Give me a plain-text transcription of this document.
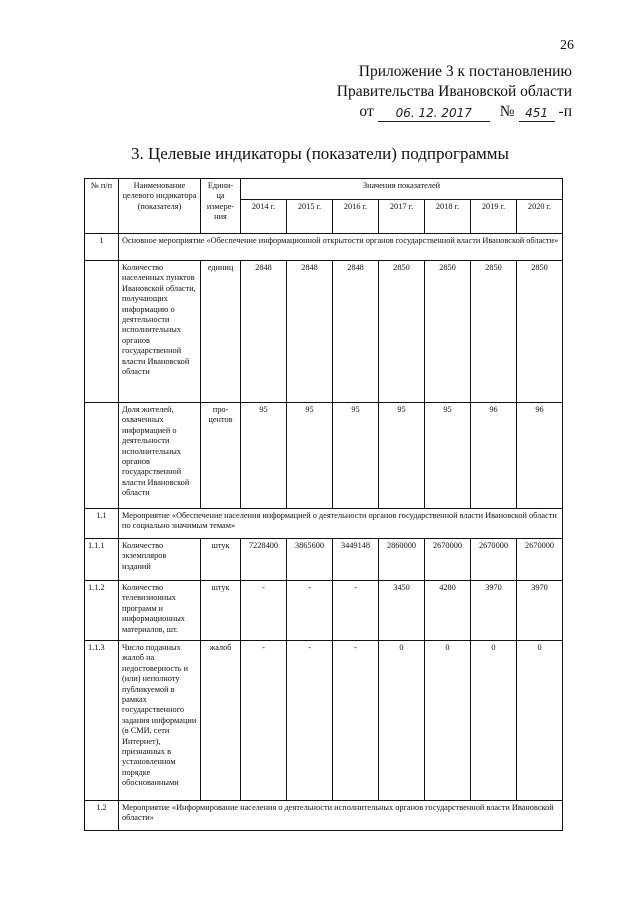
26
Приложение 3 к постановлению
Правительства Ивановской области
от	06. 12. 2017	№ 451 -п
3. Целевые индикаторы (показатели) подпрограммы
№ п/п	Наименование целевого индикатора (показателя)	Едини-ца измере-ния	Значения показателей						
			2014 г.	2015 г.	2016 г.	2017 г.	2018 г.	2019 г.	2020 г.
1	Основное мероприятие «Обеспечение информационной открытости органов государственной власти Ивановской области»								
	Количество населенных пунктов Ивановской области, получающих информацию о деятельности исполнительных органов государственной власти Ивановской области	единиц	2848	2848	2848	2850	2850	2850	2850
	Доля жителей, охваченных информацией о деятельности исполнительных органов государственной власти Ивановской области	про-центов	95	95	95	95	95	96	96
1.1	Мероприятие «Обеспечение населения информацией о деятельности органов государственной власти Ивановской области по социально значимым темам»								
1.1.1	Количество экземпляров изданий	штук	7228400	3865600	3449148	2860000	2670000	2670000	2670000
1.1.2	Количество телевизионных программ и информационных материалов, шт.	штук	-	-	-	3450	4280	3970	3970
1.1.3	Число поданных жалоб на недостоверность и (или) неполноту публикуемой в рамках государственного задания информации (в СМИ, сети Интернет), признанных в установленном порядке обоснованными	жалоб	-	-	-	0	0	0	0
1.2	Мероприятие «Информирование населения о деятельности исполнительных органов государственной власти Ивановской области»								
